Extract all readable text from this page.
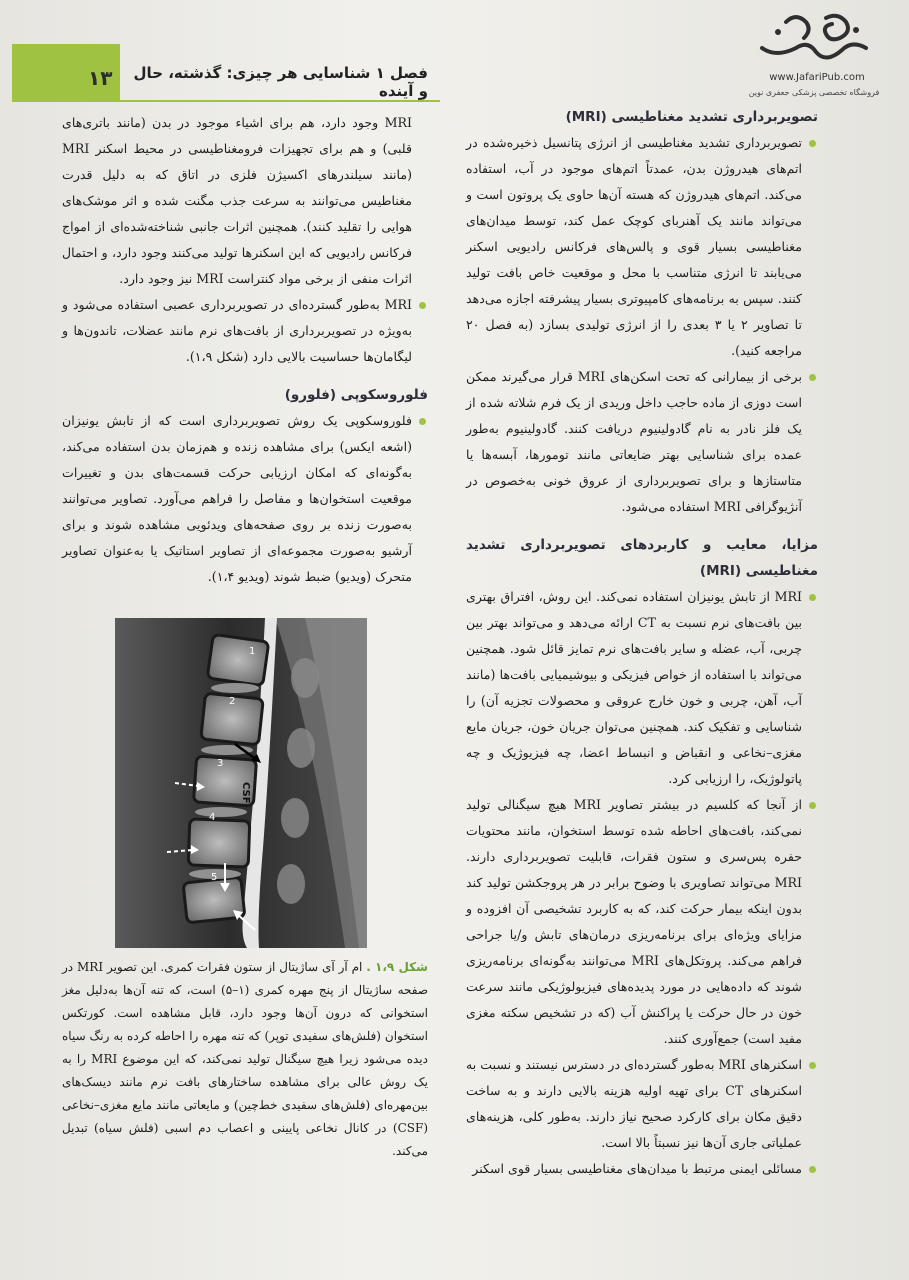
۱۳	فصل ۱ شناسایی هر چیزی: گذشته، حال و آینده
www.JafariPub.com
فروشگاه تخصصی پزشکی جعفری نوین

تصویربرداری تشدید مغناطیسی (MRI)

تصویربرداری تشدید مغناطیسی از انرژی پتانسیل ذخیره‌شده در اتم‌های هیدروژن بدن، عمدتاً اتم‌های موجود در آب، استفاده می‌کند. اتم‌های هیدروژن که هسته آن‌ها حاوی یک پروتون است و می‌تواند مانند یک آهنربای کوچک عمل کند، توسط میدان‌های مغناطیسی بسیار قوی و پالس‌های فرکانس رادیویی اسکنر می‌یابند تا انرژی متناسب با محل و موقعیت خاص بافت تولید کنند. سپس به برنامه‌های کامپیوتری بسیار پیشرفته اجازه می‌دهد تا تصاویر ۲ یا ۳ بعدی را از انرژی تولیدی بسازد (به فصل ۲۰ مراجعه کنید).

برخی از بیمارانی که تحت اسکن‌های MRI قرار می‌گیرند ممکن است دوزی از ماده حاجب داخل وریدی از یک فرم شلاته شده از یک فلز نادر به نام گادولینیوم دریافت کنند. گادولینیوم به‌طور عمده برای شناسایی بهتر ضایعاتی مانند تومورها، آبسه‌ها یا متاستازها و برای تصویربرداری از عروق خونی به‌خصوص در آنژیوگرافی MRI استفاده می‌شود.

مزایا، معایب و کاربردهای تصویربرداری تشدید مغناطیسی (MRI)

MRI از تابش یونیزان استفاده نمی‌کند. این روش، افتراق بهتری بین بافت‌های نرم نسبت به CT ارائه می‌دهد و می‌تواند بهتر بین چربی، آب، عضله و سایر بافت‌های نرم تمایز قائل شود. همچنین می‌تواند با استفاده از خواص فیزیکی و بیوشیمیایی بافت‌ها (مانند آب، آهن، چربی و خون خارج عروقی و محصولات تجزیه آن) را شناسایی و تفکیک کند. همچنین می‌توان جریان خون، جریان مایع مغزی–نخاعی و انقباض و انبساط اعضا، چه فیزیوژیک و چه پاتولوژیک، را ارزیابی کرد.

از آنجا که کلسیم در بیشتر تصاویر MRI هیچ سیگنالی تولید نمی‌کند، بافت‌های احاطه شده توسط استخوان، مانند محتویات حفره پس‌سری و ستون فقرات، قابلیت تصویربرداری دارند. MRI می‌تواند تصاویری با وضوح برابر در هر پروجکشن تولید کند بدون اینکه بیمار حرکت کند، که به کاربرد تشخیصی آن افزوده و مزایای ویژه‌ای برای برنامه‌ریزی درمان‌های تابش و/یا جراحی فراهم می‌کند. پروتکل‌های MRI می‌توانند به‌گونه‌ای برنامه‌ریزی شوند که داده‌هایی در مورد پدیده‌های فیزیولوژیکی مانند سرعت خون در حال حرکت یا پراکنش آب (که در تشخیص سکته مغزی مفید است) جمع‌آوری کنند.

اسکنرهای MRI به‌طور گسترده‌ای در دسترس نیستند و نسبت به اسکنرهای CT برای تهیه اولیه هزینه بالایی دارند و به ساخت دقیق مکان برای کارکرد صحیح نیاز دارند. به‌طور کلی، هزینه‌های عملیاتی جاری آن‌ها نیز نسبتاً بالا است.

مسائلی ایمنی مرتبط با میدان‌های مغناطیسی بسیار قوی اسکنر

MRI وجود دارد، هم برای اشیاء موجود در بدن (مانند باتری‌های قلبی) و هم برای تجهیزات فرومغناطیسی در محیط اسکنر MRI (مانند سیلندرهای اکسیژن فلزی در اتاق که به دلیل قدرت مغناطیس می‌توانند به سرعت جذب مگنت شده و اثر موشک‌های هوایی را تقلید کنند). همچنین اثرات جانبی شناخته‌شده‌ای از امواج فرکانس رادیویی که این اسکنرها تولید می‌کنند وجود دارد، و احتمال اثرات منفی از برخی مواد کنتراست MRI نیز وجود دارد.

MRI به‌طور گسترده‌ای در تصویربرداری عصبی استفاده می‌شود و به‌ویژه در تصویربرداری از بافت‌های نرم مانند عضلات، تاندون‌ها و لیگامان‌ها حساسیت بالایی دارد (شکل ۱،۹).

فلوروسکوپی (فلورو)

فلوروسکوپی یک روش تصویربرداری است که از تابش یونیزان (اشعه ایکس) برای مشاهده زنده و هم‌زمان بدن استفاده می‌کند، به‌گونه‌ای که امکان ارزیابی حرکت قسمت‌های بدن و تغییرات موقعیت استخوان‌ها و مفاصل را فراهم می‌آورد. تصاویر می‌توانند به‌صورت زنده بر روی صفحه‌های ویدئویی مشاهده شوند و برای آرشیو به‌صورت مجموعه‌ای از تصاویر استاتیک یا به‌عنوان تصاویر متحرک (ویدیو) ضبط شوند (ویدیو ۱،۴).

1
2
3
4
5
CSF
شکل ۱،۹ . ام آر آی ساژیتال از ستون فقرات کمری. این تصویر MRI در صفحه ساژیتال از پنج مهره کمری (۱–۵) است، که تنه آن‌ها به‌دلیل مغز استخوانی که درون آن‌ها وجود دارد، قابل مشاهده است. کورتکس استخوان (فلش‌های سفیدی توپر) که تنه مهره را احاطه کرده به رنگ سیاه دیده می‌شود زیرا هیچ سیگنال تولید نمی‌کند، که این موضوع MRI را به یک روش عالی برای مشاهده ساختارهای بافت نرم مانند دیسک‌های بین‌مهره‌ای (فلش‌های سفیدی خط‌چین) و مایعاتی مانند مایع مغزی–نخاعی (CSF) در کانال نخاعی پایینی و اعصاب دم اسبی (فلش سیاه) تبدیل می‌کند.
